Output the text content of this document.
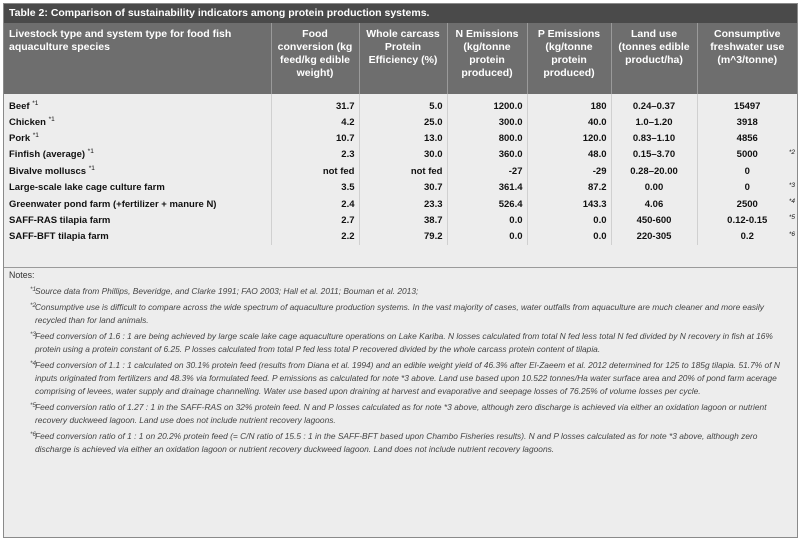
Table 2: Comparison of sustainability indicators among protein production systems.
Livestock type and system type for food fish aquaculture species	Food conversion (kg feed/kg edible weight)	Whole carcass Protein Efficiency (%)	N Emissions (kg/tonne protein produced)	P Emissions (kg/tonne protein produced)	Land use (tonnes edible product/ha)	Consumptive freshwater use (m^3/tonne)
Beef $^{*1}$	31.7	5.0	1200.0	180	0.24–0.37	15497

Chicken $^{*1}$	4.2	25.0	300.0	40.0	1.0–1.20	3918

Pork $^{*1}$	10.7	13.0	800.0	120.0	0.83–1.10	4856

Finfish (average) $^{*1}$	2.3	30.0	360.0	48.0	0.15–3.70	5000 *2

Bivalve molluscs $^{*1}$	not fed	not fed	-27	-29	0.28–20.00	0

Large-scale lake cage culture farm	3.5	30.7	361.4	87.2	0.00	0 *3

Greenwater pond farm (+fertilizer + manure N)	2.4	23.3	526.4	143.3	4.06	2500 *4

SAFF-RAS tilapia farm	2.7	38.7	0.0	0.0	450-600	0.12-0.15 *5

SAFF-BFT tilapia farm	2.2	79.2	0.0	0.0	220-305	0.2 *6
Notes:
*1
Source data from Phillips, Beveridge, and Clarke 1991; FAO 2003; Hall et al. 2011; Bouman et al. 2013;
*2
Consumptive use is difficult to compare across the wide spectrum of aquaculture production systems. In the vast majority of cases, water outfalls from aquaculture are much cleaner and more easily recycled than for land animals.
*3
Feed conversion of 1.6 : 1 are being achieved by large scale lake cage aquaculture operations on Lake Kariba. N losses calculated from total N fed less total N fed divided by N recovery in fish at 16% protein using a protein constant of 6.25. P losses calculated from total P fed less total P recovered divided by the whole carcass protein content of tilapia.
*4
Feed conversion of 1.1 : 1 calculated on 30.1% protein feed (results from Diana et al. 1994) and an edible weight yield of 46.3% after El-Zaeem et al. 2012 determined for 125 to 185g tilapia. 51.7% of N inputs originated from fertilizers and 48.3% via formulated feed. P emissions as calculated for note *3 above. Land use based upon 10.522 tonnes/Ha water surface area and 20% of pond farm acerage comprising of levees, water supply and drainage channelling. Water use based upon draining at harvest and evaporative and seepage losses of 76.25% of volume losses per cycle.
*5
Feed conversion ratio of 1.27 : 1 in the SAFF-RAS on 32% protein feed. N and P losses calculated as for note *3 above, although zero discharge is achieved via either an oxidation lagoon or nutrient recovery duckweed lagoon. Land use does not include nutrient recovery lagoons.
*6
Feed conversion ratio of 1 : 1 on 20.2% protein feed (= C/N ratio of 15.5 : 1 in the SAFF-BFT based upon Chambo Fisheries results). N and P losses calculated as for note *3 above, although zero discharge is achieved via either an oxidation lagoon or nutrient recovery duckweed lagoon. Land does not include nutrient recovery lagoons.
